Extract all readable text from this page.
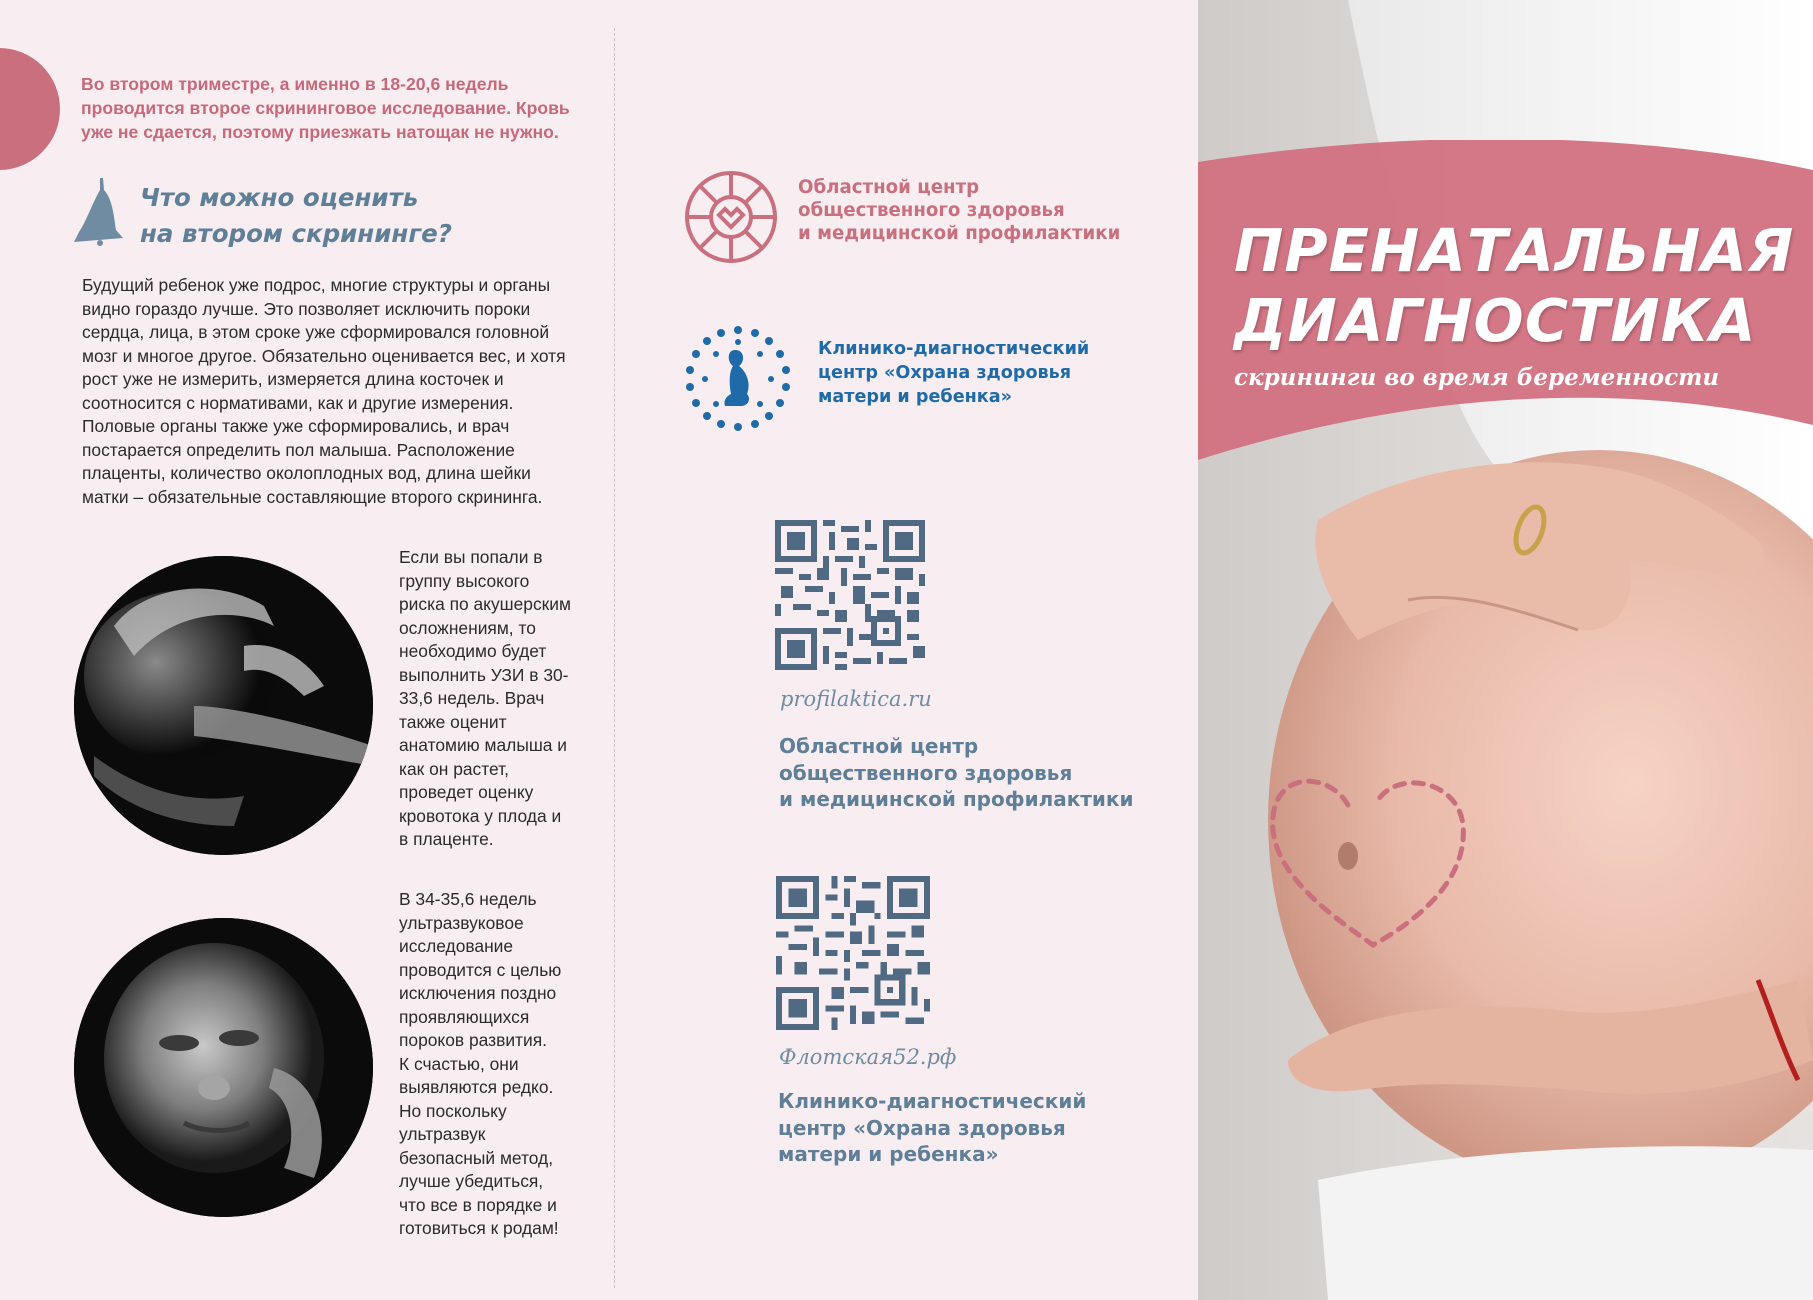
Во втором триместре, а именно в 18-20,6 недель проводится второе скрининговое исследование. Кровь уже не сдается, поэтому приезжать натощак не нужно.
Что можно оценить
на втором скрининге?
Будущий ребенок уже подрос, многие структуры и органы
видно гораздо лучше. Это позволяет исключить пороки
сердца, лица, в этом сроке уже сформировался головной
мозг и многое другое. Обязательно оценивается вес, и хотя
рост уже не измерить, измеряется длина косточек и
соотносится с нормативами, как и другие измерения.
Половые органы также уже сформировались, и врач
постарается определить пол малыша. Расположение
плаценты, количество околоплодных вод, длина шейки
матки – обязательные составляющие второго скрининга.
Если вы попали в
группу высокого
риска по акушерским
осложнениям, то
необходимо будет
выполнить УЗИ в 30-
33,6 недель. Врач
также оценит
анатомию малыша и
как он растет,
проведет оценку
кровотока у плода и
в плаценте.
В 34-35,6 недель
ультразвуковое
исследование
проводится с целью
исключения поздно
проявляющихся
пороков развития.
К счастью, они
выявляются редко.
Но поскольку
ультразвук
безопасный метод,
лучше убедиться,
что все в порядке и
готовиться к родам!
Областной центр
общественного здоровья
и медицинской профилактики
Клинико-диагностический
центр «Охрана здоровья
матери и ребенка»
profilaktica.ru
Областной центр
общественного здоровья
и медицинской профилактики
Флотская52.рф
Клинико-диагностический
центр «Охрана здоровья
матери и ребенка»
ПРЕНАТАЛЬНАЯ
ДИАГНОСТИКА
скрининги во время беременности
